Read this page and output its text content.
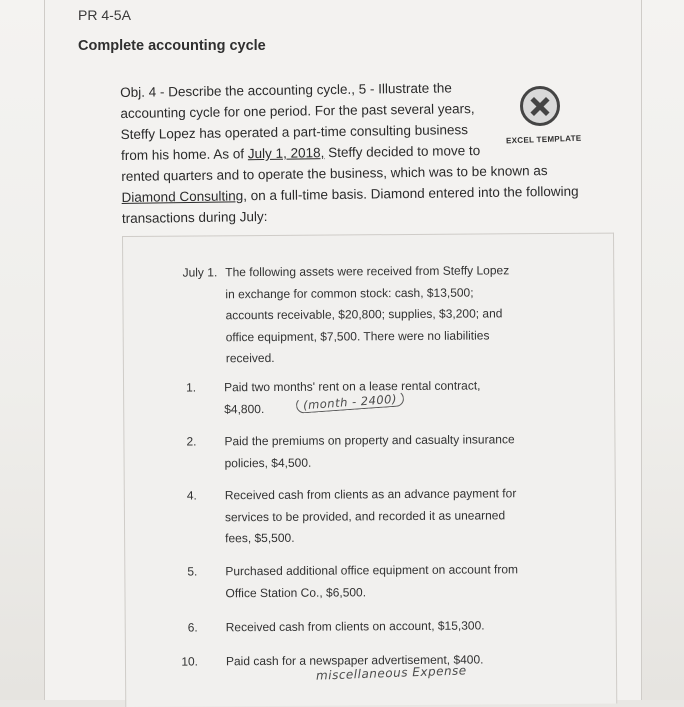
PR 4-5A
Complete accounting cycle
Obj. 4 - Describe the accounting cycle., 5 - Illustrate the
accounting cycle for one period. For the past several years,
Steffy Lopez has operated a part-time consulting business
from his home. As of July 1, 2018, Steffy decided to move to
rented quarters and to operate the business, which was to be known as
Diamond Consulting, on a full-time basis. Diamond entered into the following
transactions during July:
EXCEL TEMPLATE
July 1. The following assets were received from Steffy Lopez
in exchange for common stock: cash, $13,500;
accounts receivable, $20,800; supplies, $3,200; and
office equipment, $7,500. There were no liabilities
received.
1. Paid two months' rent on a lease rental contract,
$4,800.
2. Paid the premiums on property and casualty insurance
policies, $4,500.
4. Received cash from clients as an advance payment for
services to be provided, and recorded it as unearned
fees, $5,500.
5. Purchased additional office equipment on account from
Office Station Co., $6,500.
6. Received cash from clients on account, $15,300.
10. Paid cash for a newspaper advertisement, $400.
(month - 2400)
miscellaneous Expense
